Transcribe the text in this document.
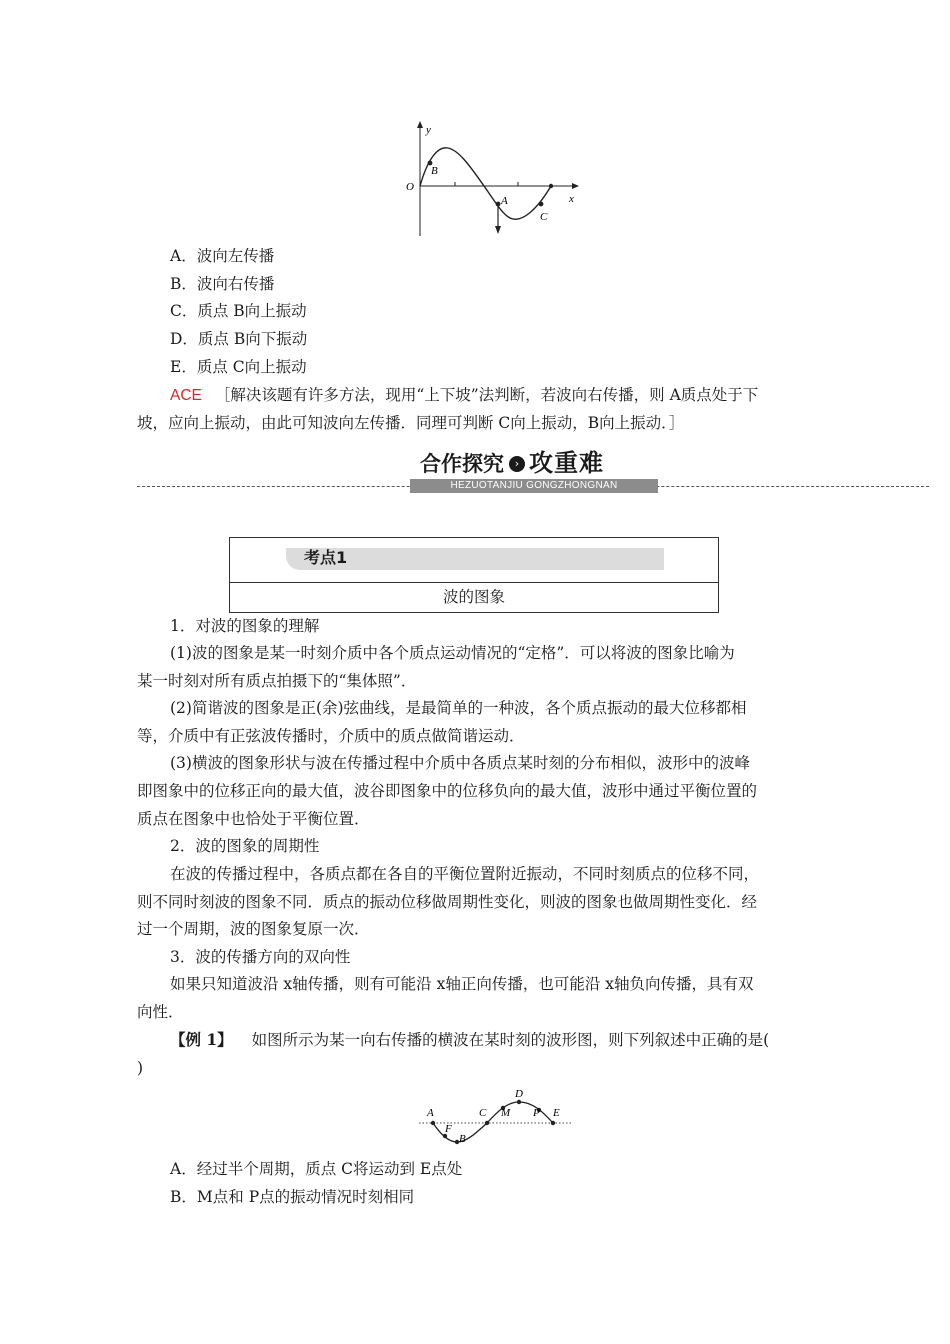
y
x
O
B
A
C
A．波向左传播
B．波向右传播
C．质点 B向上振动
D．质点 B向下振动
E．质点 C向上振动
ACE ［解决该题有许多方法，现用“上下坡”法判断，若波向右传播，则 A质点处于下
坡，应向上振动，由此可知波向左传播．同理可判断 C向上振动，B向上振动．］
HEZUOTANJIU GONGZHONGNAN
合作探究 › 攻重难
考点1
波的图象
1．对波的图象的理解
(1)波的图象是某一时刻介质中各个质点运动情况的“定格”．可以将波的图象比喻为
某一时刻对所有质点拍摄下的“集体照”．
(2)简谐波的图象是正(余)弦曲线，是最简单的一种波，各个质点振动的最大位移都相
等，介质中有正弦波传播时，介质中的质点做简谐运动．
(3)横波的图象形状与波在传播过程中介质中各质点某时刻的分布相似，波形中的波峰
即图象中的位移正向的最大值，波谷即图象中的位移负向的最大值，波形中通过平衡位置的
质点在图象中也恰处于平衡位置．
2．波的图象的周期性
在波的传播过程中，各质点都在各自的平衡位置附近振动，不同时刻质点的位移不同，
则不同时刻波的图象不同．质点的振动位移做周期性变化，则波的图象也做周期性变化．经
过一个周期，波的图象复原一次．
3．波的传播方向的双向性
如果只知道波沿 x轴传播，则有可能沿 x轴正向传播，也可能沿 x轴负向传播，具有双
向性．
【例 1】 如图所示为某一向右传播的横波在某时刻的波形图，则下列叙述中正确的是(
)
A
F
B
C M
D
P E
A．经过半个周期，质点 C将运动到 E点处
B．M点和 P点的振动情况时刻相同
